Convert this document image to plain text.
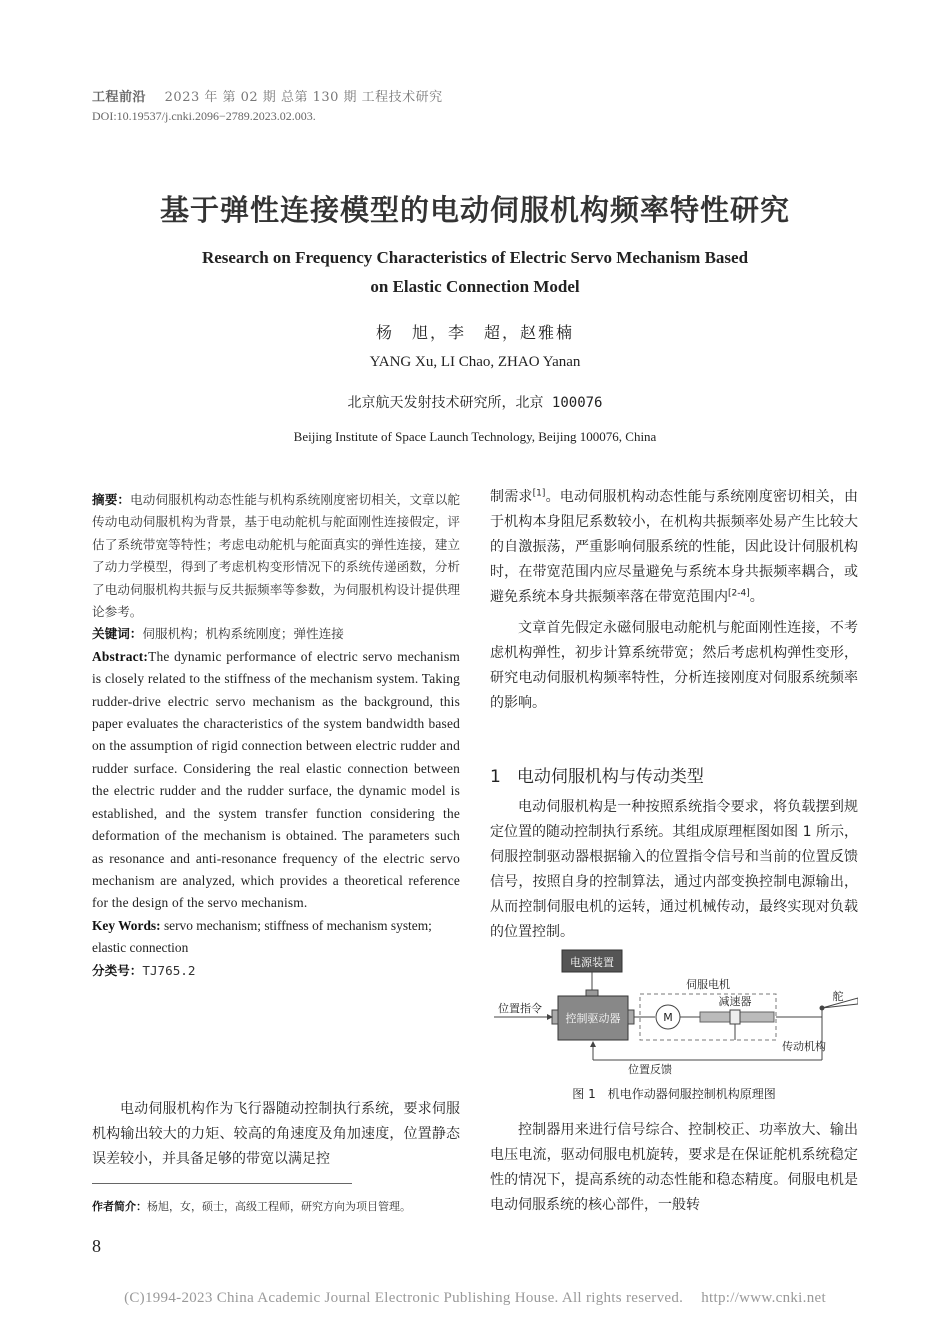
工程前沿 2023 年 第 02 期 总第 130 期 工程技术研究
DOI:10.19537/j.cnki.2096−2789.2023.02.003.
基于弹性连接模型的电动伺服机构频率特性研究
Research on Frequency Characteristics of Electric Servo Mechanism Based
on Elastic Connection Model
杨　旭，李　超，赵雅楠
YANG Xu, LI Chao, ZHAO Yanan
北京航天发射技术研究所，北京 100076
Beijing Institute of Space Launch Technology, Beijing 100076, China
摘要：电动伺服机构动态性能与机构系统刚度密切相关，文章以舵传动电动伺服机构为背景，基于电动舵机与舵面刚性连接假定，评估了系统带宽等特性；考虑电动舵机与舵面真实的弹性连接，建立了动力学模型，得到了考虑机构变形情况下的系统传递函数，分析了电动伺服机构共振与反共振频率等参数，为伺服机构设计提供理论参考。
关键词：伺服机构；机构系统刚度；弹性连接
Abstract:The dynamic performance of electric servo mechanism is closely related to the stiffness of the mechanism system. Taking rudder-drive electric servo mechanism as the background, this paper evaluates the characteristics of the system bandwidth based on the assumption of rigid connection between electric rudder and rudder surface. Considering the real elastic connection between the electric rudder and the rudder surface, the dynamic model is established, and the system transfer function considering the deformation of the mechanism is obtained. The parameters such as resonance and anti-resonance frequency of the electric servo mechanism are analyzed, which provides a theoretical reference for the design of the servo mechanism.
Key Words: servo mechanism; stiffness of mechanism system; elastic connection
分类号：TJ765.2

电动伺服机构作为飞行器随动控制执行系统，要求伺服机构输出较大的力矩、较高的角速度及角加速度，位置静态误差较小，并具备足够的带宽以满足控

作者简介：杨旭，女，硕士，高级工程师，研究方向为项目管理。
8
制需求[1]。电动伺服机构动态性能与系统刚度密切相关，由于机构本身阻尼系数较小，在机构共振频率处易产生比较大的自激振荡，严重影响伺服系统的性能，因此设计伺服机构时，在带宽范围内应尽量避免与系统本身共振频率耦合，或避免系统本身共振频率落在带宽范围内[2-4]。

文章首先假定永磁伺服电动舵机与舵面刚性连接，不考虑机构弹性，初步计算系统带宽；然后考虑机构弹性变形，研究电动伺服机构频率特性，分析连接刚度对伺服系统频率的影响。

1 电动伺服机构与传动类型

电动伺服机构是一种按照系统指令要求，将负载摆到规定位置的随动控制执行系统。其组成原理框图如图 1 所示，伺服控制驱动器根据输入的位置指令信号和当前的位置反馈信号，按照自身的控制算法，通过内部变换控制电源输出，从而控制伺服电机的运转，通过机械传动，最终实现对负载的位置控制。

电源装置
控制驱动器
位置指令
伺服电机
M
减速器
传动机构
舵
位置反馈
图 1　机电作动器伺服控制机构原理图

控制器用来进行信号综合、控制校正、功率放大、输出电压电流，驱动伺服电机旋转，要求是在保证舵机系统稳定性的情况下，提高系统的动态性能和稳态精度。伺服电机是电动伺服系统的核心部件，一般转

(C)1994-2023 China Academic Journal Electronic Publishing House. All rights reserved. http://www.cnki.net
